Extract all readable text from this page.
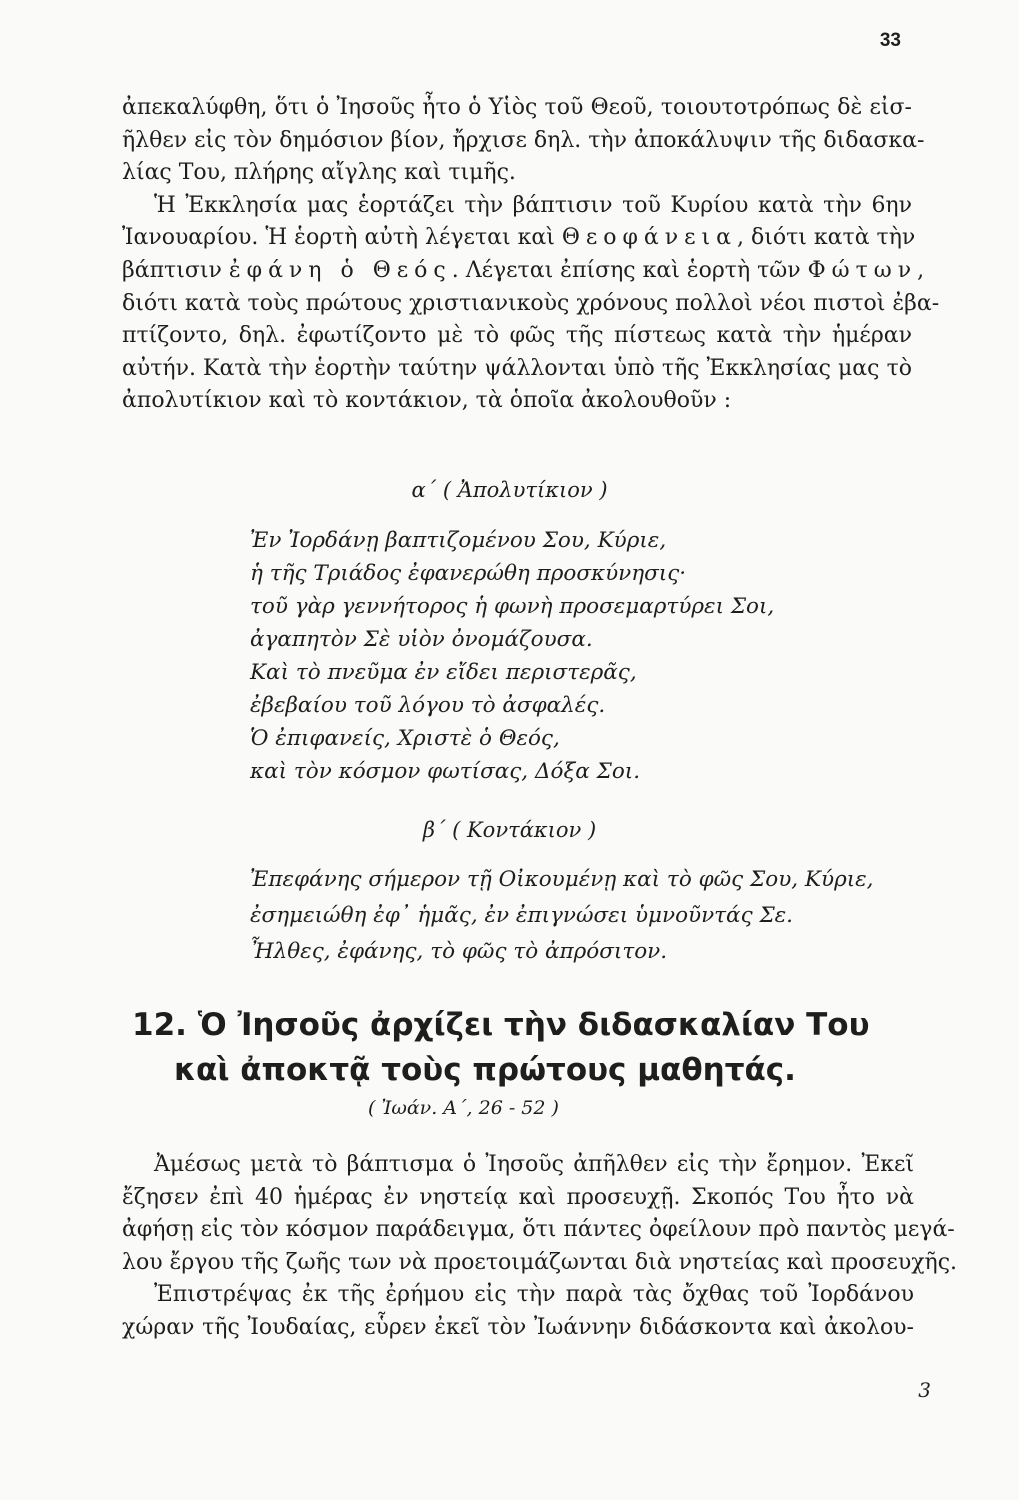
33
ἀπεκαλύφθη, ὅτι ὁ Ἰησοῦς ἦτο ὁ Υἱὸς τοῦ Θεοῦ, τοιουτοτρόπως δὲ εἰσ-
ῆλθεν εἰς τὸν δημόσιον βίον, ἤρχισε δηλ. τὴν ἀποκάλυψιν τῆς διδασκα-
λίας Του, πλήρης αἴγλης καὶ τιμῆς.
Ἡ Ἐκκλησία μας ἑορτάζει τὴν βάπτισιν τοῦ Κυρίου κατὰ τὴν 6ην
Ἰανουαρίου. Ἡ ἑορτὴ αὐτὴ λέγεται καὶ Θεοφάνεια, διότι κατὰ τὴν
βάπτισιν ἐφάνη ὁ Θεός. Λέγεται ἐπίσης καὶ ἑορτὴ τῶν Φώτων,
διότι κατὰ τοὺς πρώτους χριστιανικοὺς χρόνους πολλοὶ νέοι πιστοὶ ἐβα-
πτίζοντο, δηλ. ἐφωτίζοντο μὲ τὸ φῶς τῆς πίστεως κατὰ τὴν ἡμέραν
αὐτήν. Κατὰ τὴν ἑορτὴν ταύτην ψάλλονται ὑπὸ τῆς Ἐκκλησίας μας τὸ
ἀπολυτίκιον καὶ τὸ κοντάκιον, τὰ ὁποῖα ἀκολουθοῦν :
α΄ ( Ἀπολυτίκιον )
Ἐν Ἰορδάνῃ βαπτιζομένου Σου, Κύριε,
ἡ τῆς Τριάδος ἐφανερώθη προσκύνησις·
τοῦ γὰρ γεννήτορος ἡ φωνὴ προσεμαρτύρει Σοι,
ἀγαπητὸν Σὲ υἱὸν ὀνομάζουσα.
Καὶ τὸ πνεῦμα ἐν εἴδει περιστερᾶς,
ἐβεβαίου τοῦ λόγου τὸ ἀσφαλές.
Ὁ ἐπιφανείς, Χριστὲ ὁ Θεός,
καὶ τὸν κόσμον φωτίσας, Δόξα Σοι.
β΄ ( Κοντάκιον )
Ἐπεφάνης σήμερον τῇ Οἰκουμένῃ καὶ τὸ φῶς Σου, Κύριε,
ἐσημειώθη ἐφ᾽ ἡμᾶς, ἐν ἐπιγνώσει ὑμνοῦντάς Σε.
Ἦλθες, ἐφάνης, τὸ φῶς τὸ ἀπρόσιτον.
12. Ὁ Ἰησοῦς ἀρχίζει τὴν διδασκαλίαν Του
καὶ ἀποκτᾷ τοὺς πρώτους μαθητάς.
( Ἰωάν. Α΄, 26 - 52 )
Ἀμέσως μετὰ τὸ βάπτισμα ὁ Ἰησοῦς ἀπῆλθεν εἰς τὴν ἔρημον. Ἐκεῖ
ἔζησεν ἐπὶ 40 ἡμέρας ἐν νηστείᾳ καὶ προσευχῇ. Σκοπός Του ἦτο νὰ
ἀφήσῃ εἰς τὸν κόσμον παράδειγμα, ὅτι πάντες ὀφείλουν πρὸ παντὸς μεγά-
λου ἔργου τῆς ζωῆς των νὰ προετοιμάζωνται διὰ νηστείας καὶ προσευχῆς.
Ἐπιστρέψας ἐκ τῆς ἐρήμου εἰς τὴν παρὰ τὰς ὄχθας τοῦ Ἰορδάνου
χώραν τῆς Ἰουδαίας, εὗρεν ἐκεῖ τὸν Ἰωάννην διδάσκοντα καὶ ἀκολου-
3
